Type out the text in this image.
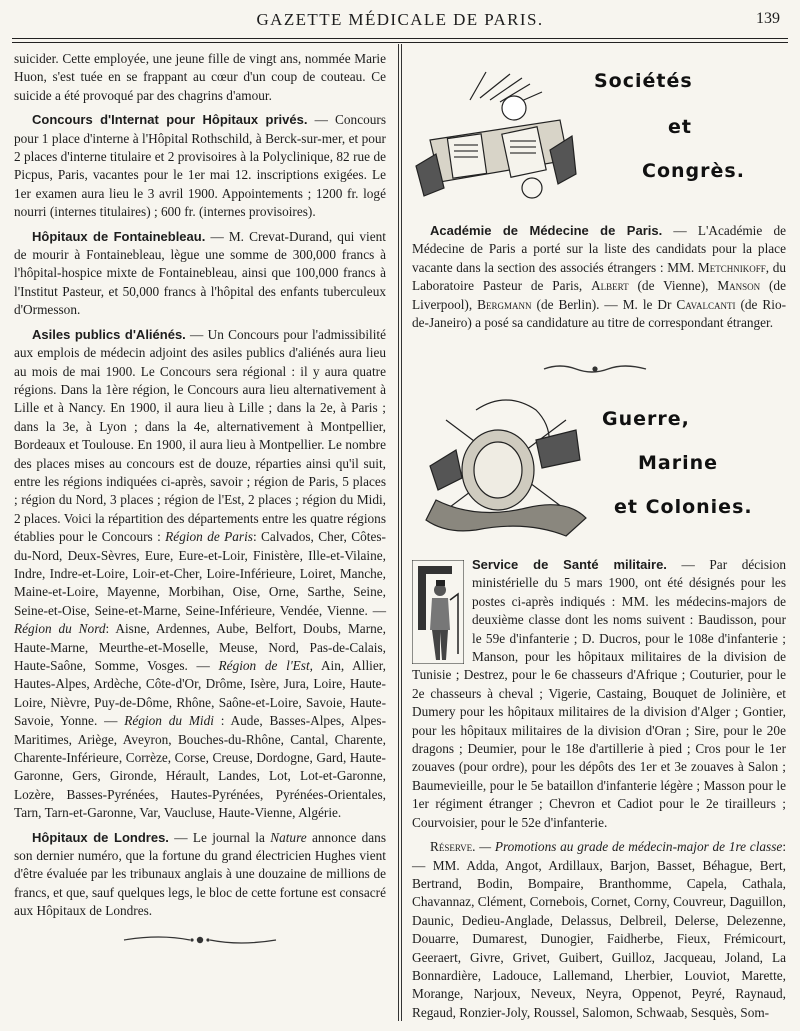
GAZETTE MÉDICALE DE PARIS.	139

suicider. Cette employée, une jeune fille de vingt ans, nommée Marie Huon, s'est tuée en se frappant au cœur d'un coup de couteau. Ce suicide a été provoqué par des chagrins d'amour.

Concours d'Internat pour Hôpitaux privés. — Concours pour 1 place d'interne à l'Hôpital Rothschild, à Berck-sur-mer, et pour 2 places d'interne titulaire et 2 provisoires à la Polyclinique, 82 rue de Picpus, Paris, vacantes pour le 1er mai 12. inscriptions exigées. Le 1er examen aura lieu le 3 avril 1900. Appointements ; 1200 fr. logé nourri (internes titulaires) ; 600 fr. (internes provisoires).

Hôpitaux de Fontainebleau. — M. Crevat-Durand, qui vient de mourir à Fontainebleau, lègue une somme de 300,000 francs à l'hôpital-hospice mixte de Fontainebleau, ainsi que 100,000 francs à l'Institut Pasteur, et 50,000 francs à l'hôpital des enfants tuberculeux d'Ormesson.

Asiles publics d'Aliénés. — Un Concours pour l'admissibilité aux emplois de médecin adjoint des asiles publics d'aliénés aura lieu au mois de mai 1900. Le Concours sera régional : il y aura quatre régions. Dans la 1ère région, le Concours aura lieu alternativement à Lille et à Nancy. En 1900, il aura lieu à Lille ; dans la 2e, à Paris ; dans la 3e, à Lyon ; dans la 4e, alternativement à Montpellier, Bordeaux et Toulouse. En 1900, il aura lieu à Montpellier. Le nombre des places mises au concours est de douze, réparties ainsi qu'il suit, entre les régions indiquées ci-après, savoir ; région de Paris, 5 places ; région du Nord, 3 places ; région de l'Est, 2 places ; région du Midi, 2 places. Voici la répartition des départements entre les quatre régions établies pour le Concours : Région de Paris: Calvados, Cher, Côtes-du-Nord, Deux-Sèvres, Eure, Eure-et-Loir, Finistère, Ille-et-Vilaine, Indre, Indre-et-Loire, Loir-et-Cher, Loire-Inférieure, Loiret, Manche, Maine-et-Loire, Mayenne, Morbihan, Oise, Orne, Sarthe, Seine, Seine-et-Oise, Seine-et-Marne, Seine-Inférieure, Vendée, Vienne. — Région du Nord: Aisne, Ardennes, Aube, Belfort, Doubs, Marne, Haute-Marne, Meurthe-et-Moselle, Meuse, Nord, Pas-de-Calais, Haute-Saône, Somme, Vosges. — Région de l'Est, Ain, Allier, Hautes-Alpes, Ardèche, Côte-d'Or, Drôme, Isère, Jura, Loire, Haute-Loire, Nièvre, Puy-de-Dôme, Rhône, Saône-et-Loire, Savoie, Haute-Savoie, Yonne. — Région du Midi : Aude, Basses-Alpes, Alpes-Maritimes, Ariège, Aveyron, Bouches-du-Rhône, Cantal, Charente, Charente-Inférieure, Corrèze, Corse, Creuse, Dordogne, Gard, Haute-Garonne, Gers, Gironde, Hérault, Landes, Lot, Lot-et-Garonne, Lozère, Basses-Pyrénées, Hautes-Pyrénées, Pyrénées-Orientales, Tarn, Tarn-et-Garonne, Var, Vaucluse, Haute-Vienne, Algérie.

Hôpitaux de Londres. — Le journal la Nature annonce dans son dernier numéro, que la fortune du grand électricien Hughes vient d'être évaluée par les tribunaux anglais à une douzaine de millions de francs, et que, sauf quelques legs, le bloc de cette fortune est consacré aux Hôpitaux de Londres.

Sociétés
et
Congrès.

Académie de Médecine de Paris. — L'Académie de Médecine de Paris a porté sur la liste des candidats pour la place vacante dans la section des associés étrangers : MM. Metchnikoff, du Laboratoire Pasteur de Paris, Albert (de Vienne), Manson (de Liverpool), Bergmann (de Berlin). — M. le Dr Cavalcanti (de Rio-de-Janeiro) a posé sa candidature au titre de correspondant étranger.

Guerre,
Marine
et Colonies.

Service de Santé militaire. — Par décision ministérielle du 5 mars 1900, ont été désignés pour les postes ci-après indiqués : MM. les médecins-majors de deuxième classe dont les noms suivent : Baudisson, pour le 59e d'infanterie ; D. Ducros, pour le 108e d'infanterie ; Manson, pour les hôpitaux militaires de la division de Tunisie ; Destrez, pour le 6e chasseurs d'Afrique ; Couturier, pour le 2e chasseurs à cheval ; Vigerie, Castaing, Bouquet de Jolinière, et Dumery pour les hôpitaux militaires de la division d'Alger ; Gontier, pour les hôpitaux militaires de la division d'Oran ; Sire, pour le 20e dragons ; Deumier, pour le 18e d'artillerie à pied ; Cros pour le 1er zouaves (pour ordre), pour les dépôts des 1er et 3e zouaves à Salon ; Baumevieille, pour le 5e bataillon d'infanterie légère ; Masson pour le 1er régiment étranger ; Chevron et Cadiot pour le 2e tirailleurs ; Courvoisier, pour le 52e d'infanterie.

Réserve. — Promotions au grade de médecin-major de 1re classe: — MM. Adda, Angot, Ardillaux, Barjon, Basset, Béhague, Bert, Bertrand, Bodin, Bompaire, Branthomme, Capela, Cathala, Chavannaz, Clément, Cornebois, Cornet, Corny, Couvreur, Daguillon, Daunic, Dedieu-Anglade, Delassus, Delbreil, Delerse, Delezenne, Douarre, Dumarest, Dunogier, Faidherbe, Fieux, Frémicourt, Geeraert, Givre, Grivet, Guibert, Guilloz, Jacqueau, Joland, La Bonnardière, Ladouce, Lallemand, Lherbier, Louviot, Marette, Morange, Narjoux, Neveux, Neyra, Oppenot, Peyré, Raynaud, Regaud, Ronzier-Joly, Roussel, Salomon, Schwaab, Sesquès, Som-
